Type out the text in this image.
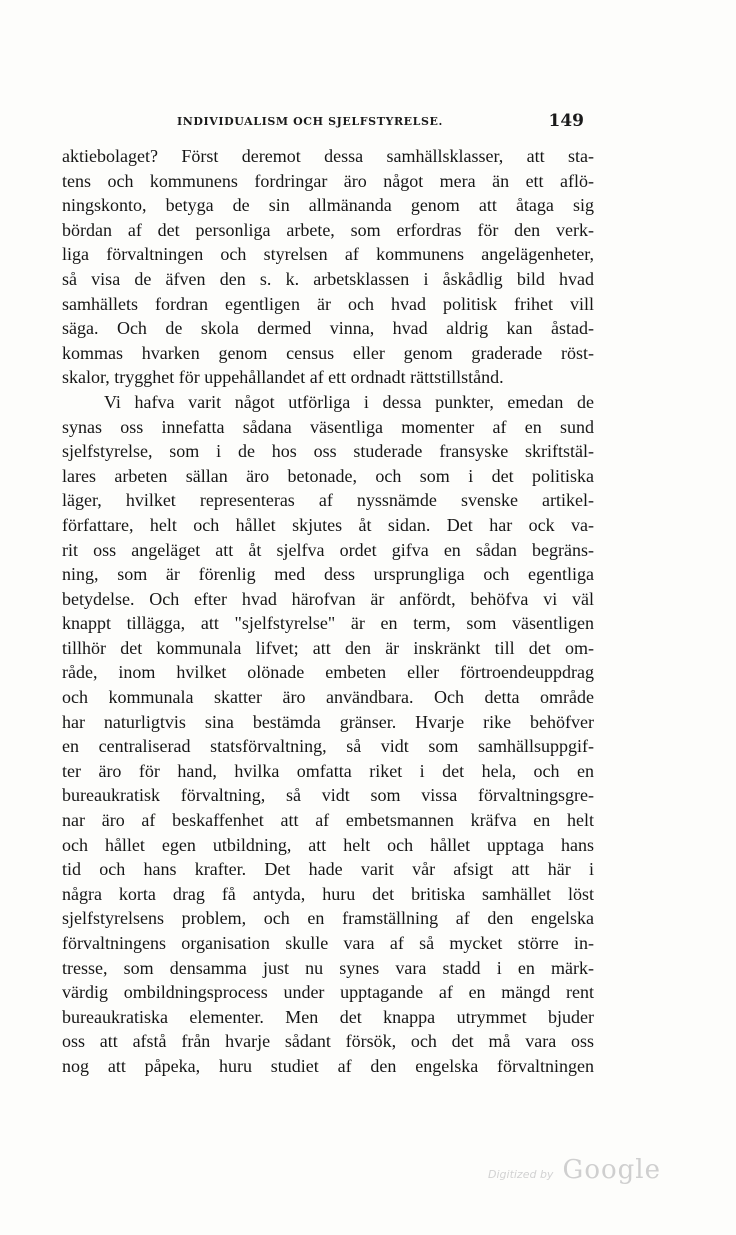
INDIVIDUALISM OCH SJELFSTYRELSE.	149
aktiebolaget? Först deremot dessa samhällsklasser, att sta-
tens och kommunens fordringar äro något mera än ett aflö-
ningskonto, betyga de sin allmänanda genom att åtaga sig
bördan af det personliga arbete, som erfordras för den verk-
liga förvaltningen och styrelsen af kommunens angelägenheter,
så visa de äfven den s. k. arbetsklassen i åskådlig bild hvad
samhällets fordran egentligen är och hvad politisk frihet vill
säga. Och de skola dermed vinna, hvad aldrig kan åstad-
kommas hvarken genom census eller genom graderade röst-
skalor, trygghet för uppehållandet af ett ordnadt rättstillstånd.
Vi hafva varit något utförliga i dessa punkter, emedan de
synas oss innefatta sådana väsentliga momenter af en sund
sjelfstyrelse, som i de hos oss studerade fransyske skriftstäl-
lares arbeten sällan äro betonade, och som i det politiska
läger, hvilket representeras af nyssnämde svenske artikel-
författare, helt och hållet skjutes åt sidan. Det har ock va-
rit oss angeläget att åt sjelfva ordet gifva en sådan begräns-
ning, som är förenlig med dess ursprungliga och egentliga
betydelse. Och efter hvad härofvan är anfördt, behöfva vi väl
knappt tillägga, att "sjelfstyrelse" är en term, som väsentligen
tillhör det kommunala lifvet; att den är inskränkt till det om-
råde, inom hvilket olönade embeten eller förtroendeuppdrag
och kommunala skatter äro användbara. Och detta område
har naturligtvis sina bestämda gränser. Hvarje rike behöfver
en centraliserad statsförvaltning, så vidt som samhällsuppgif-
ter äro för hand, hvilka omfatta riket i det hela, och en
bureaukratisk förvaltning, så vidt som vissa förvaltningsgre-
nar äro af beskaffenhet att af embetsmannen kräfva en helt
och hållet egen utbildning, att helt och hållet upptaga hans
tid och hans krafter. Det hade varit vår afsigt att här i
några korta drag få antyda, huru det britiska samhället löst
sjelfstyrelsens problem, och en framställning af den engelska
förvaltningens organisation skulle vara af så mycket större in-
tresse, som densamma just nu synes vara stadd i en märk-
värdig ombildningsprocess under upptagande af en mängd rent
bureaukratiska elementer. Men det knappa utrymmet bjuder
oss att afstå från hvarje sådant försök, och det må vara oss
nog att påpeka, huru studiet af den engelska förvaltningen
Digitized by Google
